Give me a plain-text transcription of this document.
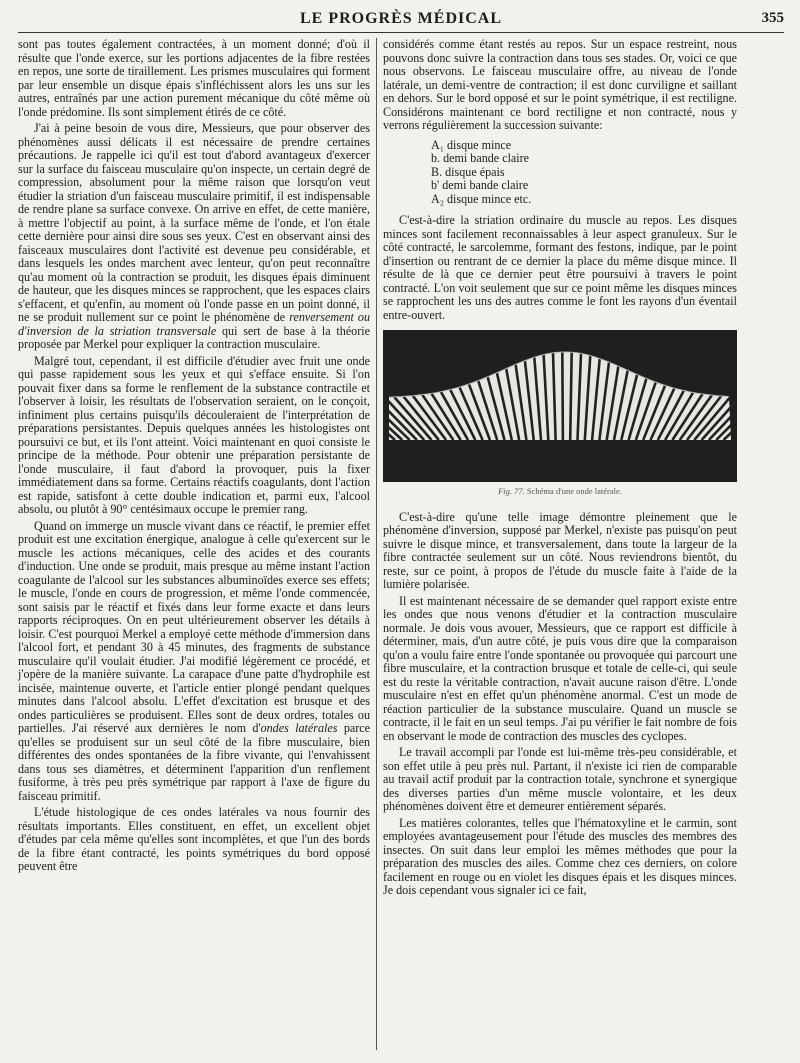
LE PROGRÈS MÉDICAL	355

sont pas toutes également contractées, à un moment donné; d'où il résulte que l'onde exerce, sur les portions adjacentes de la fibre restées en repos, une sorte de tiraillement. Les prismes musculaires qui forment par leur ensemble un disque épais s'infléchissent alors les uns sur les autres, entraînés par une action purement mécanique du côté même où l'onde prédomine. Ils sont simplement étirés de ce côté.

J'ai à peine besoin de vous dire, Messieurs, que pour observer des phénomènes aussi délicats il est nécessaire de prendre certaines précautions. Je rappelle ici qu'il est tout d'abord avantageux d'exercer sur la surface du faisceau musculaire qu'on inspecte, un certain degré de compression, absolument pour la même raison que lorsqu'on veut étudier la striation d'un faisceau musculaire primitif, il est indispensable de rendre plane sa surface convexe. On arrive en effet, de cette manière, à mettre l'objectif au point, à la surface même de l'onde, et l'on étale cette dernière pour ainsi dire sous ses yeux. C'est en observant ainsi des faisceaux musculaires dont l'activité est devenue peu considérable, et dans lesquels les ondes marchent avec lenteur, qu'on peut reconnaître qu'au moment où la contraction se produit, les disques épais diminuent de hauteur, que les disques minces se rapprochent, que les espaces clairs s'effacent, et qu'enfin, au moment où l'onde passe en un point donné, il ne se produit nullement sur ce point le phénomène de renversement ou d'inversion de la striation transversale qui sert de base à la théorie proposée par Merkel pour expliquer la contraction musculaire.

Malgré tout, cependant, il est difficile d'étudier avec fruit une onde qui passe rapidement sous les yeux et qui s'efface ensuite. Si l'on pouvait fixer dans sa forme le renflement de la substance contractile et l'observer à loisir, les résultats de l'observation seraient, on le conçoit, infiniment plus certains puisqu'ils découleraient de l'interprétation de préparations persistantes. Depuis quelques années les histologistes ont poursuivi ce but, et ils l'ont atteint. Voici maintenant en quoi consiste le principe de la méthode. Pour obtenir une préparation persistante de l'onde musculaire, il faut d'abord la provoquer, puis la fixer immédiatement dans sa forme. Certains réactifs coagulants, dont l'action est rapide, satisfont à cette double indication et, parmi eux, l'alcool absolu, ou plutôt à 90° centésimaux occupe le premier rang.

Quand on immerge un muscle vivant dans ce réactif, le premier effet produit est une excitation énergique, analogue à celle qu'exercent sur le muscle les actions mécaniques, celle des acides et des courants d'induction. Une onde se produit, mais presque au même instant l'action coagulante de l'alcool sur les substances albuminoïdes exerce ses effets; le muscle, l'onde en cours de progression, et même l'onde commencée, sont saisis par le réactif et fixés dans leur forme exacte et dans leurs rapports réciproques. On en peut ultérieurement observer les détails à loisir. C'est pourquoi Merkel a employé cette méthode d'immersion dans l'alcool fort, et pendant 30 à 45 minutes, des fragments de substance musculaire qu'il voulait étudier. J'ai modifié légèrement ce procédé, et j'opère de la manière suivante. La carapace d'une patte d'hydrophile est incisée, maintenue ouverte, et l'article entier plongé pendant quelques minutes dans l'alcool absolu. L'effet d'excitation est brusque et des ondes particulières se produisent. Elles sont de deux ordres, totales ou partielles. J'ai réservé aux dernières le nom d'ondes latérales parce qu'elles se produisent sur un seul côté de la fibre musculaire, bien différentes des ondes spontanées de la fibre vivante, qui l'envahissent dans tous ses diamètres, et déterminent l'apparition d'un renflement fusiforme, à très peu près symétrique par rapport à l'axe de figure du faisceau primitif.

L'étude histologique de ces ondes latérales va nous fournir des résultats importants. Elles constituent, en effet, un excellent objet d'études par cela même qu'elles sont incomplètes, et que l'un des bords de la fibre étant contracté, les points symétriques du bord opposé peuvent être

considérés comme étant restés au repos. Sur un espace restreint, nous pouvons donc suivre la contraction dans tous ses stades. Or, voici ce que nous observons. Le faisceau musculaire offre, au niveau de l'onde latérale, un demi-ventre de contraction; il est donc curviligne et saillant en dehors. Sur le bord opposé et sur le point symétrique, il est rectiligne. Considérons maintenant ce bord rectiligne et non contracté, nous y verrons régulièrement la succession suivante:

A₁ disque mince
b. demi bande claire
B. disque épais
b' demi bande claire
A₂ disque mince etc.

C'est-à-dire la striation ordinaire du muscle au repos. Les disques minces sont facilement reconnaissables à leur aspect granuleux. Sur le côté contracté, le sarcolemme, formant des festons, indique, par le point d'insertion ou rentrant de ce dernier la place du même disque mince. Il résulte de là que ce dernier peut être poursuivi à travers le point contracté. L'on voit seulement que sur ce point même les disques minces se rapprochent les uns des autres comme le font les rayons d'un éventail entre-ouvert.

Fig. 77. Schéma d'une onde latérale.

C'est-à-dire qu'une telle image démontre pleinement que le phénomène d'inversion, supposé par Merkel, n'existe pas puisqu'on peut suivre le disque mince, et transversalement, dans toute la largeur de la fibre contractée seulement sur un côté. Nous reviendrons bientôt, du reste, sur ce point, à propos de l'étude du muscle faite à l'aide de la lumière polarisée.

Il est maintenant nécessaire de se demander quel rapport existe entre les ondes que nous venons d'étudier et la contraction musculaire normale. Je dois vous avouer, Messieurs, que ce rapport est difficile à déterminer, mais, d'un autre côté, je puis vous dire que la comparaison qu'on a voulu faire entre l'onde spontanée ou provoquée qui parcourt une fibre musculaire, et la contraction brusque et totale de celle-ci, qui seule est du reste la véritable contraction, n'avait aucune raison d'être. L'onde musculaire n'est en effet qu'un phénomène anormal. C'est un mode de réaction particulier de la substance musculaire. Quand un muscle se contracte, il le fait en un seul temps. J'ai pu vérifier le fait nombre de fois en observant le mode de contraction des muscles des cyclopes.

Le travail accompli par l'onde est lui-même très-peu considérable, et son effet utile à peu près nul. Partant, il n'existe ici rien de comparable au travail actif produit par la contraction totale, synchrone et synergique des diverses parties d'un même muscle volontaire, et les deux phénomènes doivent être et demeurer entièrement séparés.

Les matières colorantes, telles que l'hématoxyline et le carmin, sont employées avantageusement pour l'étude des muscles des membres des insectes. On suit dans leur emploi les mêmes méthodes que pour la préparation des muscles des ailes. Comme chez ces derniers, on colore facilement en rouge ou en violet les disques épais et les disques minces. Je dois cependant vous signaler ici ce fait,
